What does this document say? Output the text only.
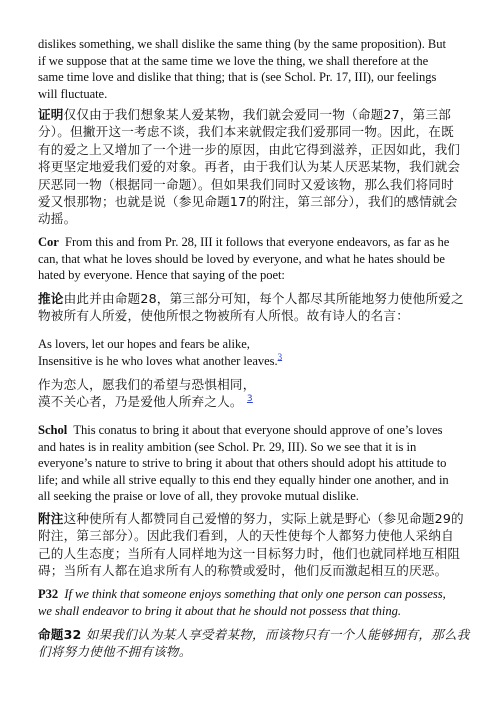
dislikes something, we shall dislike the same thing (by the same proposition). But
if we suppose that at the same time we love the thing, we shall therefore at the
same time love and dislike that thing; that is (see Schol. Pr. 17, III), our feelings
will fluctuate.

证明仅仅由于我们想象某人爱某物，我们就会爱同一物（命题27，第三部
分）。但撇开这一考虑不谈，我们本来就假定我们爱那同一物。因此，在既
有的爱之上又增加了一个进一步的原因，由此它得到滋养，正因如此，我们
将更坚定地爱我们爱的对象。再者，由于我们认为某人厌恶某物，我们就会
厌恶同一物（根据同一命题）。但如果我们同时又爱该物，那么我们将同时
爱又恨那物；也就是说（参见命题17的附注，第三部分），我们的感情就会
动摇。

Cor From this and from Pr. 28, III it follows that everyone endeavors, as far as he
can, that what he loves should be loved by everyone, and what he hates should be
hated by everyone. Hence that saying of the poet:

推论由此并由命题28，第三部分可知，每个人都尽其所能地努力使他所爱之
物被所有人所爱，使他所恨之物被所有人所恨。故有诗人的名言：

As lovers, let our hopes and fears be alike,
Insensitive is he who loves what another leaves.$^3$

作为恋人，愿我们的希望与恐惧相同，
漠不关心者，乃是爱他人所弃之人。 $^3$

Schol This conatus to bring it about that everyone should approve of one’s loves
and hates is in reality ambition (see Schol. Pr. 29, III). So we see that it is in
everyone’s nature to strive to bring it about that others should adopt his attitude to
life; and while all strive equally to this end they equally hinder one another, and in
all seeking the praise or love of all, they provoke mutual dislike.

附注这种使所有人都赞同自己爱憎的努力，实际上就是野心（参见命题29的
附注，第三部分）。因此我们看到，人的天性使每个人都努力使他人采纳自
己的人生态度；当所有人同样地为这一目标努力时，他们也就同样地互相阻
碍；当所有人都在追求所有人的称赞或爱时，他们反而激起相互的厌恶。

P32 If we think that someone enjoys something that only one person can possess,
we shall endeavor to bring it about that he should not possess that thing.

命题32 如果我们认为某人享受着某物，而该物只有一个人能够拥有，那么我
们将努力使他不拥有该物。
